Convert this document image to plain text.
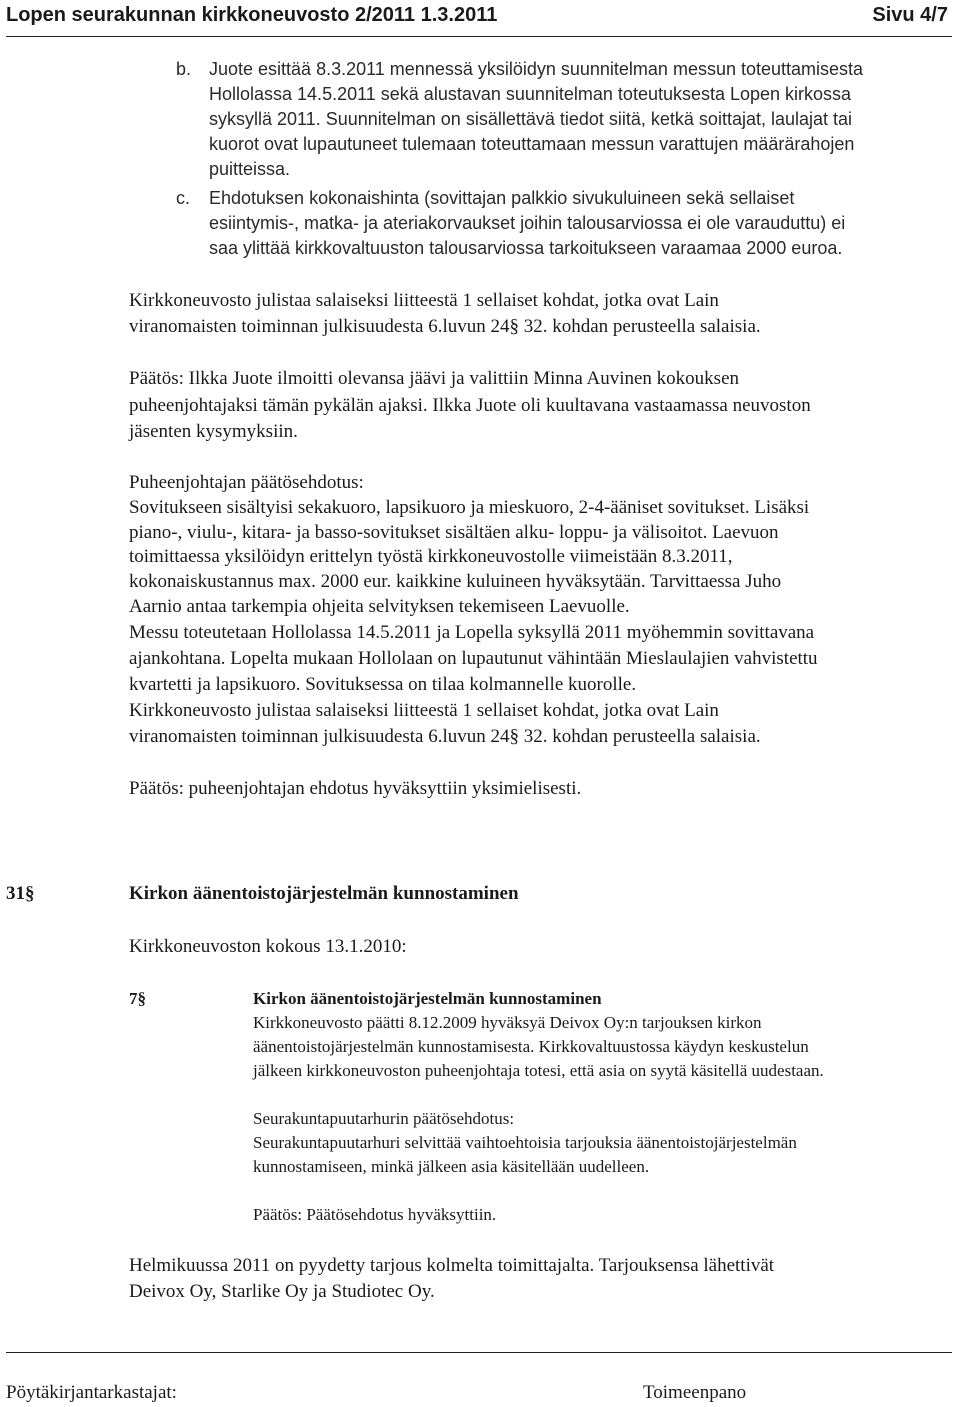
Lopen seurakunnan kirkkoneuvosto 2/2011 1.3.2011	Sivu 4/7
b. Juote esittää 8.3.2011 mennessä yksilöidyn suunnitelman messun toteuttamisesta
Hollolassa 14.5.2011 sekä alustavan suunnitelman toteutuksesta Lopen kirkossa
syksyllä 2011. Suunnitelman on sisällettävä tiedot siitä, ketkä soittajat, laulajat tai
kuorot ovat lupautuneet tulemaan toteuttamaan messun varattujen määrärahojen
puitteissa.
c. Ehdotuksen kokonaishinta (sovittajan palkkio sivukuluineen sekä sellaiset
esiintymis-, matka- ja ateriakorvaukset joihin talousarviossa ei ole varauduttu) ei
saa ylittää kirkkovaltuuston talousarviossa tarkoitukseen varaamaa 2000 euroa.
Kirkkoneuvosto julistaa salaiseksi liitteestä 1 sellaiset kohdat, jotka ovat Lain
viranomaisten toiminnan julkisuudesta 6.luvun 24§ 32. kohdan perusteella salaisia.
Päätös: Ilkka Juote ilmoitti olevansa jäävi ja valittiin Minna Auvinen kokouksen
puheenjohtajaksi tämän pykälän ajaksi. Ilkka Juote oli kuultavana vastaamassa neuvoston
jäsenten kysymyksiin.
Puheenjohtajan päätösehdotus:
Sovitukseen sisältyisi sekakuoro, lapsikuoro ja mieskuoro, 2-4-ääniset sovitukset. Lisäksi
piano-, viulu-, kitara- ja basso-sovitukset sisältäen alku- loppu- ja välisoitot. Laevuon
toimittaessa yksilöidyn erittelyn työstä kirkkoneuvostolle viimeistään 8.3.2011,
kokonaiskustannus max. 2000 eur. kaikkine kuluineen hyväksytään. Tarvittaessa Juho
Aarnio antaa tarkempia ohjeita selvityksen tekemiseen Laevuolle.
Messu toteutetaan Hollolassa 14.5.2011 ja Lopella syksyllä 2011 myöhemmin sovittavana
ajankohtana. Lopelta mukaan Hollolaan on lupautunut vähintään Mieslaulajien vahvistettu
kvartetti ja lapsikuoro. Sovituksessa on tilaa kolmannelle kuorolle.
Kirkkoneuvosto julistaa salaiseksi liitteestä 1 sellaiset kohdat, jotka ovat Lain
viranomaisten toiminnan julkisuudesta 6.luvun 24§ 32. kohdan perusteella salaisia.
Päätös: puheenjohtajan ehdotus hyväksyttiin yksimielisesti.
31§	Kirkon äänentoistojärjestelmän kunnostaminen
Kirkkoneuvoston kokous 13.1.2010:
7§	Kirkon äänentoistojärjestelmän kunnostaminen
Kirkkoneuvosto päätti 8.12.2009 hyväksyä Deivox Oy:n tarjouksen kirkon
äänentoistojärjestelmän kunnostamisesta. Kirkkovaltuustossa käydyn keskustelun
jälkeen kirkkoneuvoston puheenjohtaja totesi, että asia on syytä käsitellä uudestaan.
Seurakuntapuutarhurin päätösehdotus:
Seurakuntapuutarhuri selvittää vaihtoehtoisia tarjouksia äänentoistojärjestelmän
kunnostamiseen, minkä jälkeen asia käsitellään uudelleen.
Päätös: Päätösehdotus hyväksyttiin.
Helmikuussa 2011 on pyydetty tarjous kolmelta toimittajalta. Tarjouksensa lähettivät
Deivox Oy, Starlike Oy ja Studiotec Oy.
Pöytäkirjantarkastajat:	Toimeenpano
